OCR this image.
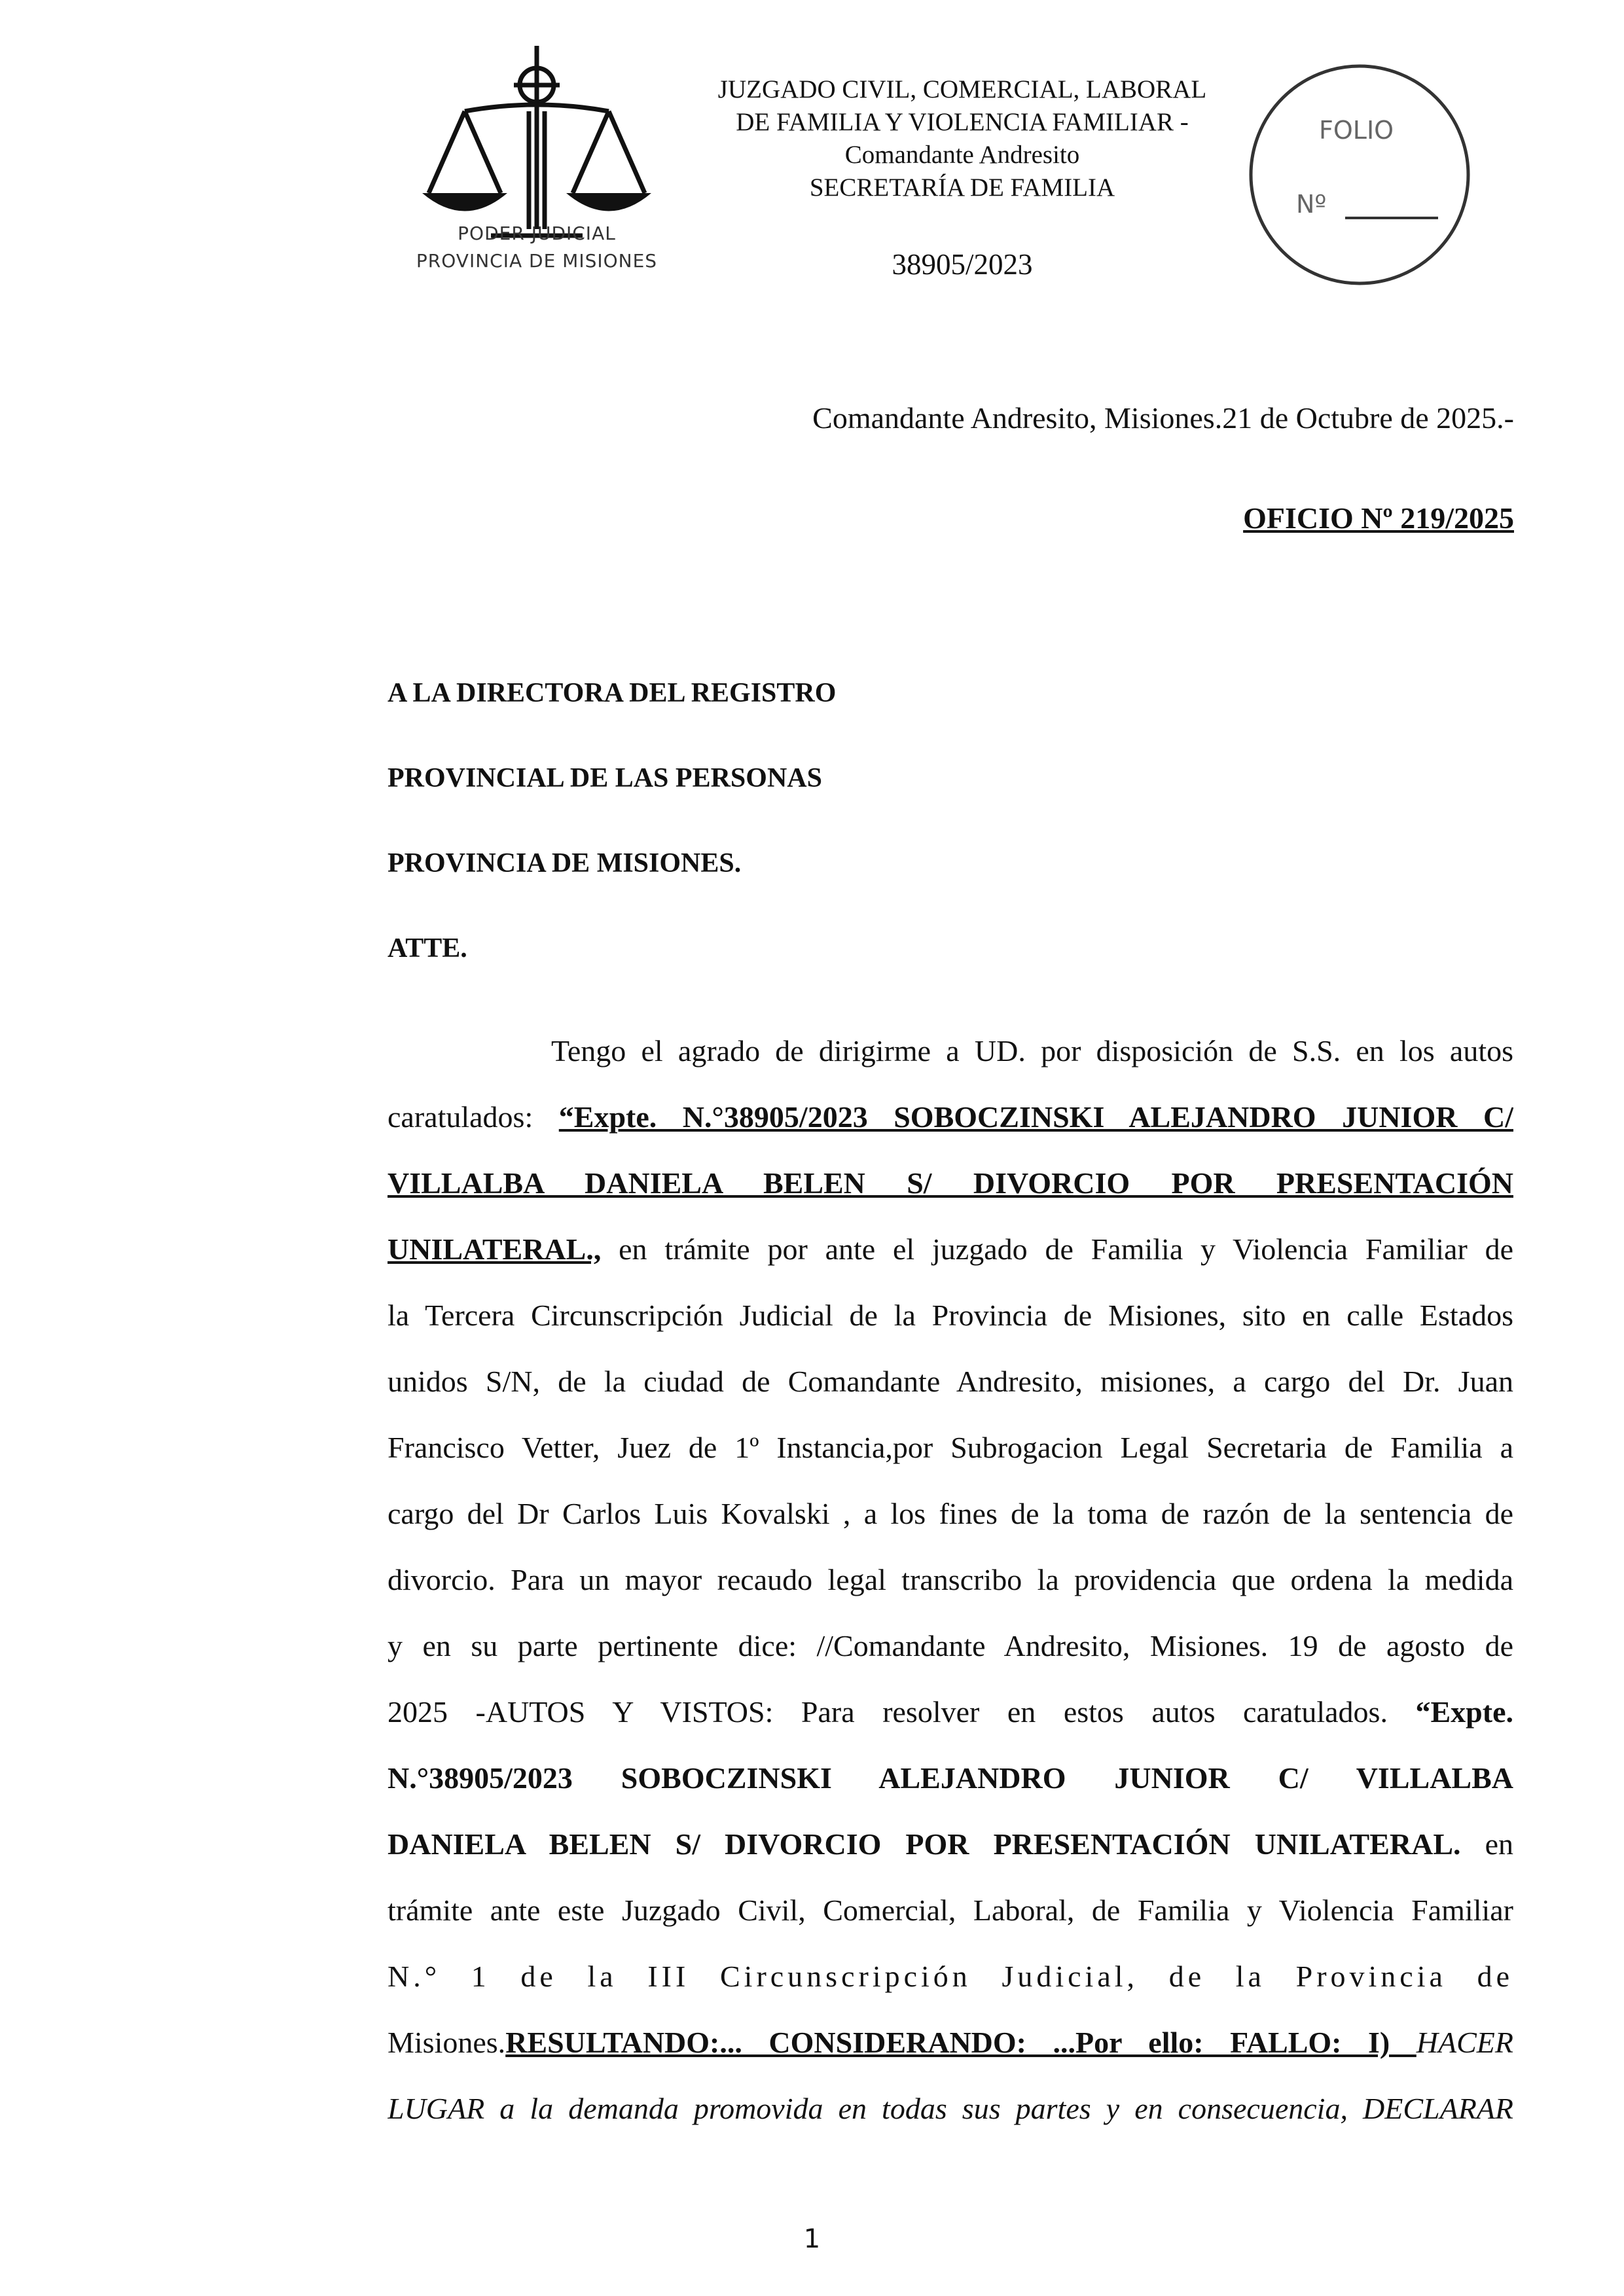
PODER JUDICIAL
PROVINCIA DE MISIONES
JUZGADO CIVIL, COMERCIAL, LABORAL
DE FAMILIA Y VIOLENCIA FAMILIAR -
Comandante Andresito
SECRETARÍA DE FAMILIA
38905/2023
FOLIO
Nº
Comandante Andresito, Misiones.21 de Octubre de 2025.-
OFICIO Nº 219/2025
A LA DIRECTORA DEL REGISTRO
PROVINCIAL DE LAS PERSONAS
PROVINCIA DE MISIONES.
ATTE.
Tengo el agrado de dirigirme a UD. por disposición de S.S. en los autos
caratulados: “Expte. N.°38905/2023 SOBOCZINSKI ALEJANDRO JUNIOR C/
VILLALBA DANIELA BELEN S/ DIVORCIO POR PRESENTACIÓN
UNILATERAL., en trámite por ante el juzgado de Familia y Violencia Familiar de
la Tercera Circunscripción Judicial de la Provincia de Misiones, sito en calle Estados
unidos S/N, de la ciudad de Comandante Andresito, misiones, a cargo del Dr. Juan
Francisco Vetter, Juez de 1º Instancia,por Subrogacion Legal Secretaria de Familia a
cargo del Dr Carlos Luis Kovalski , a los fines de la toma de razón de la sentencia de
divorcio. Para un mayor recaudo legal transcribo la providencia que ordena la medida
y en su parte pertinente dice: //Comandante Andresito, Misiones. 19 de agosto de
2025 -AUTOS Y VISTOS: Para resolver en estos autos caratulados. “Expte.
N.°38905/2023 SOBOCZINSKI ALEJANDRO JUNIOR C/ VILLALBA
DANIELA BELEN S/ DIVORCIO POR PRESENTACIÓN UNILATERAL. en
trámite ante este Juzgado Civil, Comercial, Laboral, de Familia y Violencia Familiar
N.° 1 de la III Circunscripción Judicial, de la Provincia de
Misiones.RESULTANDO:... CONSIDERANDO: ...Por ello: FALLO: I) HACER
LUGAR a la demanda promovida en todas sus partes y en consecuencia, DECLARAR
1
